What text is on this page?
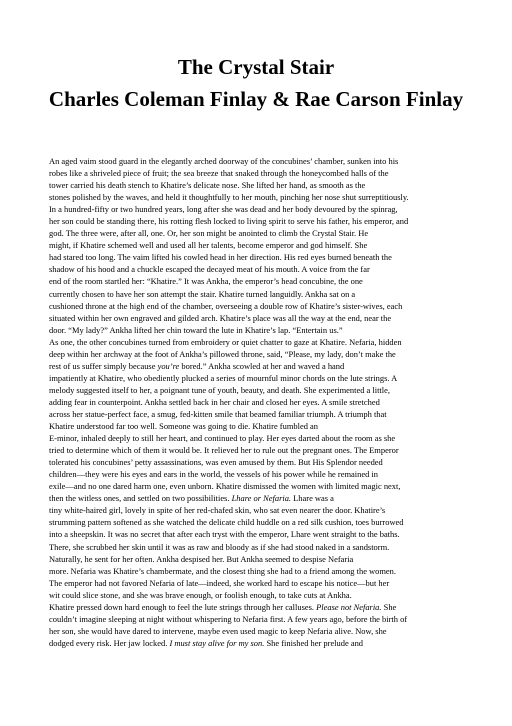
The Crystal Stair
Charles Coleman Finlay & Rae Carson Finlay
An aged vaim stood guard in the elegantly arched doorway of the concubines’ chamber, sunken into his
robes like a shriveled piece of fruit; the sea breeze that snaked through the honeycombed halls of the
tower carried his death stench to Khatire’s delicate nose. She lifted her hand, as smooth as the
stones polished by the waves, and held it thoughtfully to her mouth, pinching her nose shut surreptitiously.
In a hundred-fifty or two hundred years, long after she was dead and her body devoured by the spinrag,
her son could be standing there, his rotting flesh locked to living spirit to serve his father, his emperor, and
god. The three were, after all, one. Or, her son might be anointed to climb the Crystal Stair. He
might, if Khatire schemed well and used all her talents, become emperor and god himself. She
had stared too long. The vaim lifted his cowled head in her direction. His red eyes burned beneath the
shadow of his hood and a chuckle escaped the decayed meat of his mouth. A voice from the far
end of the room startled her: “Khatire.” It was Ankha, the emperor’s head concubine, the one
currently chosen to have her son attempt the stair. Khatire turned languidly. Ankha sat on a
cushioned throne at the high end of the chamber, overseeing a double row of Khatire’s sister-wives, each
situated within her own engraved and gilded arch. Khatire’s place was all the way at the end, near the
door. “My lady?” Ankha lifted her chin toward the lute in Khatire’s lap. “Entertain us.”
As one, the other concubines turned from embroidery or quiet chatter to gaze at Khatire. Nefaria, hidden
deep within her archway at the foot of Ankha’s pillowed throne, said, “Please, my lady, don’t make the
rest of us suffer simply because you’re bored.” Ankha scowled at her and waved a hand
impatiently at Khatire, who obediently plucked a series of mournful minor chords on the lute strings. A
melody suggested itself to her, a poignant tune of youth, beauty, and death. She experimented a little,
adding fear in counterpoint. Ankha settled back in her chair and closed her eyes. A smile stretched
across her statue-perfect face, a smug, fed-kitten smile that beamed familiar triumph. A triumph that
Khatire understood far too well. Someone was going to die. Khatire fumbled an
E-minor, inhaled deeply to still her heart, and continued to play. Her eyes darted about the room as she
tried to determine which of them it would be. It relieved her to rule out the pregnant ones. The Emperor
tolerated his concubines’ petty assassinations, was even amused by them. But His Splendor needed
children—they were his eyes and ears in the world, the vessels of his power while he remained in
exile—and no one dared harm one, even unborn. Khatire dismissed the women with limited magic next,
then the witless ones, and settled on two possibilities. Lhare or Nefaria. Lhare was a
tiny white-haired girl, lovely in spite of her red-chafed skin, who sat even nearer the door. Khatire’s
strumming pattern softened as she watched the delicate child huddle on a red silk cushion, toes burrowed
into a sheepskin. It was no secret that after each tryst with the emperor, Lhare went straight to the baths.
There, she scrubbed her skin until it was as raw and bloody as if she had stood naked in a sandstorm.
Naturally, he sent for her often. Ankha despised her. But Ankha seemed to despise Nefaria
more. Nefaria was Khatire’s chambermate, and the closest thing she had to a friend among the women.
The emperor had not favored Nefaria of late—indeed, she worked hard to escape his notice—but her
wit could slice stone, and she was brave enough, or foolish enough, to take cuts at Ankha.
Khatire pressed down hard enough to feel the lute strings through her calluses. Please not Nefaria. She
couldn’t imagine sleeping at night without whispering to Nefaria first. A few years ago, before the birth of
her son, she would have dared to intervene, maybe even used magic to keep Nefaria alive. Now, she
dodged every risk. Her jaw locked. I must stay alive for my son. She finished her prelude and
